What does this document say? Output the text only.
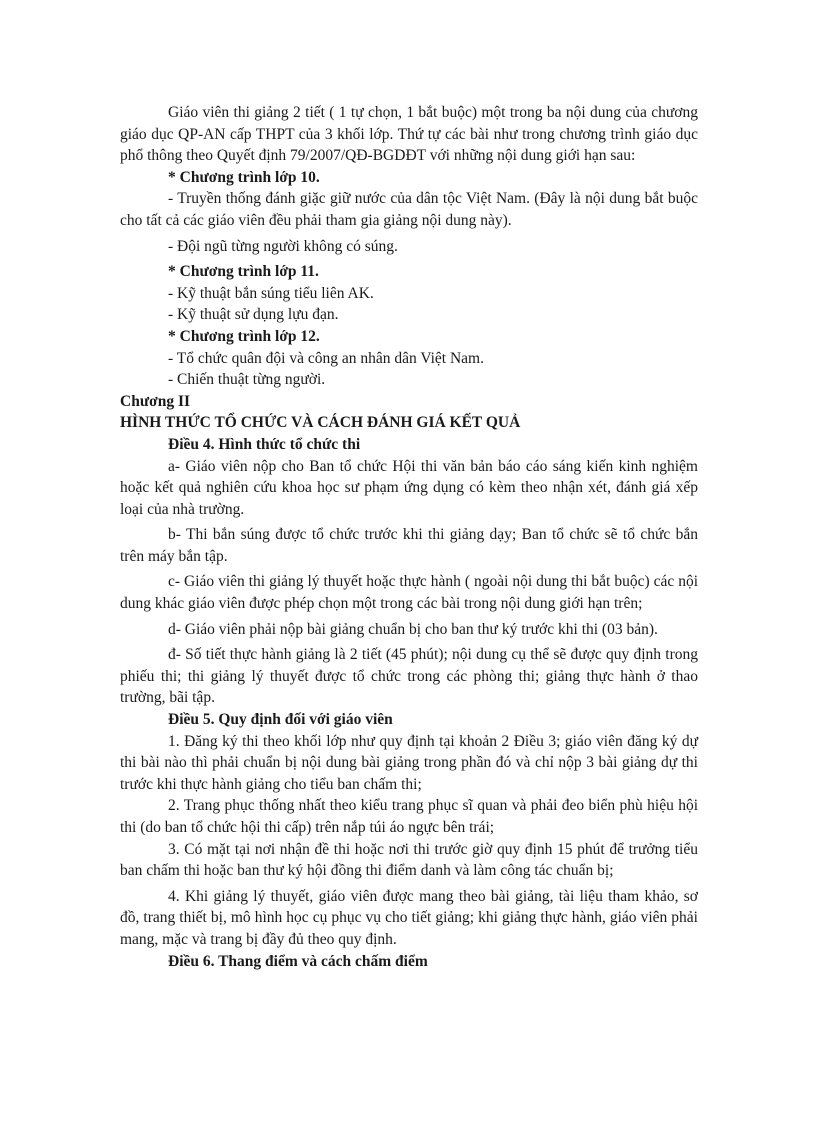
Giáo viên thi giảng 2 tiết ( 1 tự chọn, 1 bắt buộc) một trong ba nội dung của chương giáo dục QP-AN cấp THPT của 3 khối lớp. Thứ tự các bài như trong chương trình giáo dục phổ thông theo Quyết định 79/2007/QĐ-BGDĐT với những nội dung giới hạn sau:

* Chương trình lớp 10.

- Truyền thống đánh giặc giữ nước của dân tộc Việt Nam. (Đây là nội dung bắt buộc cho tất cả các giáo viên đều phải tham gia giảng nội dung này).

- Đội ngũ từng người không có súng.

* Chương trình lớp 11.

- Kỹ thuật bắn súng tiểu liên AK.

- Kỹ thuật sử dụng lựu đạn.

* Chương trình lớp 12.

- Tổ chức quân đội và công an nhân dân Việt Nam.

- Chiến thuật từng người.

Chương II

HÌNH THỨC TỔ CHỨC VÀ CÁCH ĐÁNH GIÁ KẾT QUẢ

Điều 4. Hình thức tổ chức thi

a- Giáo viên nộp cho Ban tổ chức Hội thi văn bản báo cáo sáng kiến kinh nghiệm hoặc kết quả nghiên cứu khoa học sư phạm ứng dụng có kèm theo nhận xét, đánh giá xếp loại của nhà trường.

b- Thi bắn súng được tổ chức trước khi thi giảng dạy; Ban tổ chức sẽ tổ chức bắn trên máy bắn tập.

c- Giáo viên thi giảng lý thuyết hoặc thực hành ( ngoài nội dung thi bắt buộc) các nội dung khác giáo viên được phép chọn một trong các bài trong nội dung giới hạn trên;

d- Giáo viên phải nộp bài giảng chuẩn bị cho ban thư ký trước khi thi (03 bản).

đ- Số tiết thực hành giảng là 2 tiết (45 phút); nội dung cụ thể sẽ được quy định trong phiếu thi; thi giảng lý thuyết được tổ chức trong các phòng thi; giảng thực hành ở thao trường, bãi tập.

Điều 5. Quy định đối với giáo viên

1. Đăng ký thi theo khối lớp như quy định tại khoản 2 Điều 3; giáo viên đăng ký dự thi bài nào thì phải chuẩn bị nội dung bài giảng trong phần đó và chỉ nộp 3 bài giảng dự thi trước khi thực hành giảng cho tiểu ban chấm thi;

2. Trang phục thống nhất theo kiểu trang phục sĩ quan và phải đeo biển phù hiệu hội thi (do ban tổ chức hội thi cấp) trên nắp túi áo ngực bên trái;

3. Có mặt tại nơi nhận đề thi hoặc nơi thi trước giờ quy định 15 phút để trưởng tiểu ban chấm thi hoặc ban thư ký hội đồng thi điểm danh và làm công tác chuẩn bị;

4. Khi giảng lý thuyết, giáo viên được mang theo bài giảng, tài liệu tham khảo, sơ đồ, trang thiết bị, mô hình học cụ phục vụ cho tiết giảng; khi giảng thực hành, giáo viên phải mang, mặc và trang bị đầy đủ theo quy định.

Điều 6. Thang điểm và cách chấm điểm
